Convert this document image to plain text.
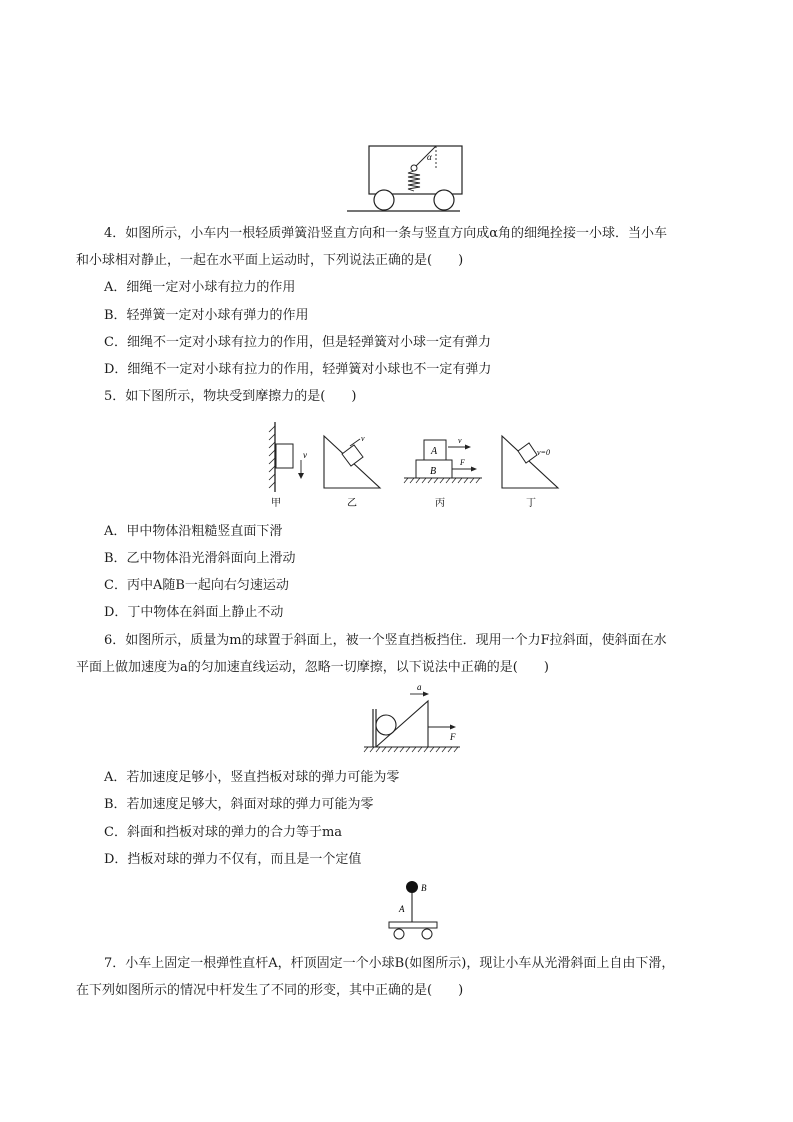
α
4．如图所示，小车内一根轻质弹簧沿竖直方向和一条与竖直方向成α角的细绳拴接一小球．当小车
和小球相对静止，一起在水平面上运动时，下列说法正确的是(　　)
A．细绳一定对小球有拉力的作用
B．轻弹簧一定对小球有弹力的作用
C．细绳不一定对小球有拉力的作用，但是轻弹簧对小球一定有弹力
D．细绳不一定对小球有拉力的作用，轻弹簧对小球也不一定有弹力
5．如下图所示，物块受到摩擦力的是(　　)
v
甲
v
乙
A
B
v
F
丙
v=0
丁
A．甲中物体沿粗糙竖直面下滑
B．乙中物体沿光滑斜面向上滑动
C．丙中A随B一起向右匀速运动
D．丁中物体在斜面上静止不动
6．如图所示，质量为m的球置于斜面上，被一个竖直挡板挡住．现用一个力F拉斜面，使斜面在水
平面上做加速度为a的匀加速直线运动，忽略一切摩擦，以下说法中正确的是(　　)
a
F
A．若加速度足够小，竖直挡板对球的弹力可能为零
B．若加速度足够大，斜面对球的弹力可能为零
C．斜面和挡板对球的弹力的合力等于ma
D．挡板对球的弹力不仅有，而且是一个定值
B
A
7．小车上固定一根弹性直杆A，杆顶固定一个小球B(如图所示)，现让小车从光滑斜面上自由下滑，
在下列如图所示的情况中杆发生了不同的形变，其中正确的是(　　)
